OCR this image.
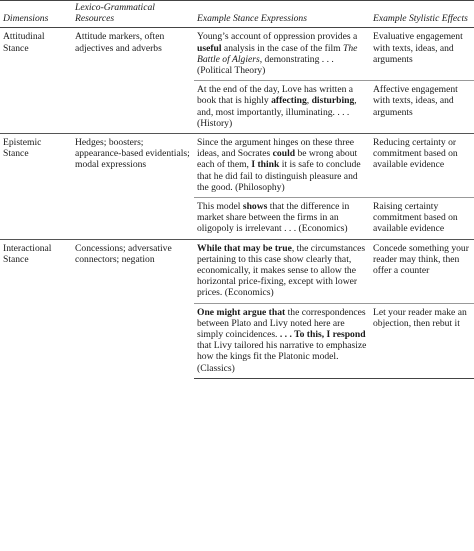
Dimensions	Lexico-Grammatical Resources	Example Stance Expressions	Example Stylistic Effects
Attitudinal Stance	Attitude markers, often adjectives and adverbs	Young’s account of oppression provides a useful analysis in the case of the film The Battle of Algiers, demonstrating . . . (Political Theory)	Evaluative engagement with texts, ideas, and arguments
		At the end of the day, Love has written a book that is highly affecting, disturbing, and, most importantly, illuminating. . . . (History)	Affective engagement with texts, ideas, and arguments
Epistemic Stance	Hedges; boosters; appearance-based evidentials; modal expressions	Since the argument hinges on these three ideas, and Socrates could be wrong about each of them, I think it is safe to conclude that he did fail to distinguish pleasure and the good. (Philosophy)	Reducing certainty or commitment based on available evidence
		This model shows that the difference in market share between the firms in an oligopoly is irrelevant . . . (Economics)	Raising certainty commitment based on available evidence
Interactional Stance	Concessions; adversative connectors; negation	While that may be true, the circumstances pertaining to this case show clearly that, economically, it makes sense to allow the horizontal price-fixing, except with lower prices. (Economics)	Concede something your reader may think, then offer a counter
		One might argue that the correspondences between Plato and Livy noted here are simply coincidences. . . . To this, I respond that Livy tailored his narrative to emphasize how the kings fit the Platonic model. (Classics)	Let your reader make an objection, then rebut it
